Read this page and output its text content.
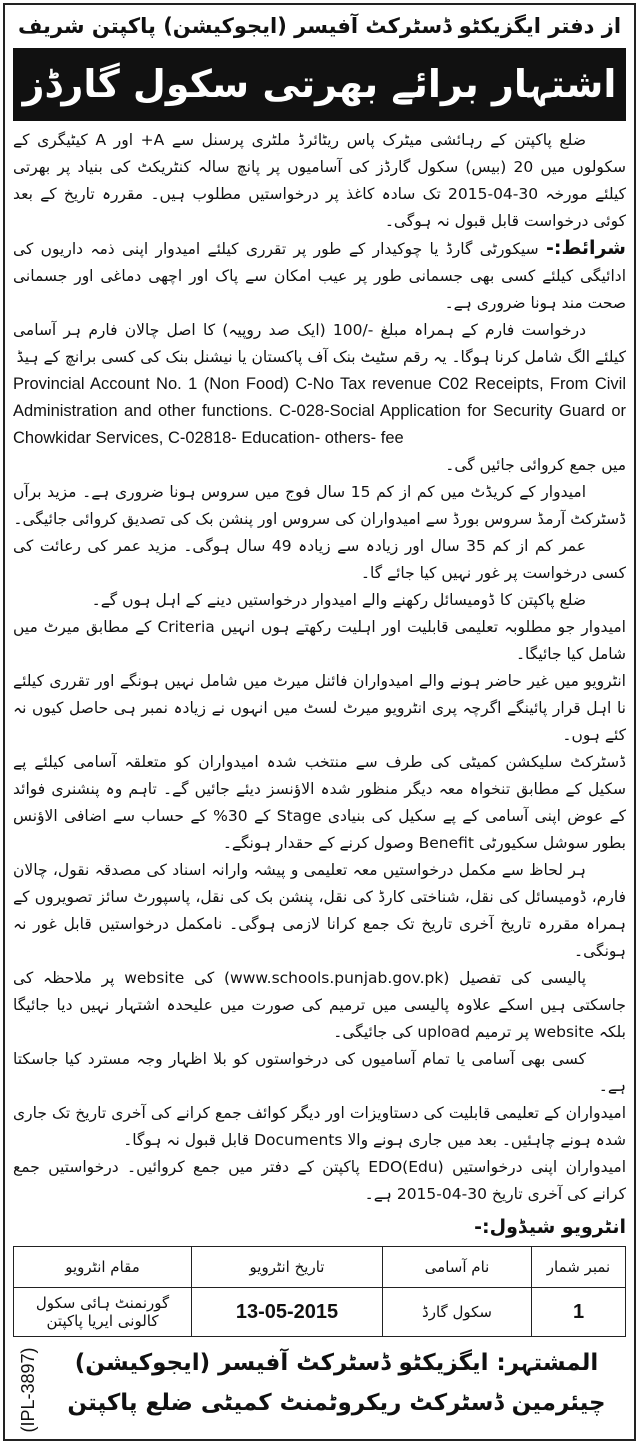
از دفتر ایگزیکٹو ڈسٹرکٹ آفیسر (ایجوکیشن) پاکپتن شریف
اشتہار برائے بھرتی سکول گارڈز

ضلع پاکپتن کے رہائشی میٹرک پاس ریٹائرڈ ملٹری پرسنل سے A+ اور A کیٹیگری کے سکولوں میں 20 (بیس) سکول گارڈز کی آسامیوں پر پانچ سالہ کنٹریکٹ کی بنیاد پر بھرتی کیلئے مورخہ 30-04-2015 تک سادہ کاغذ پر درخواستیں مطلوب ہیں۔ مقررہ تاریخ کے بعد کوئی درخواست قابل قبول نہ ہوگی۔

شرائط:- سیکورٹی گارڈ یا چوکیدار کے طور پر تقرری کیلئے امیدوار اپنی ذمہ داریوں کی ادائیگی کیلئے کسی بھی جسمانی طور پر عیب امکان سے پاک اور اچھی دماغی اور جسمانی صحت مند ہونا ضروری ہے۔

درخواست فارم کے ہمراہ مبلغ -/100 (ایک صد روپیہ) کا اصل چالان فارم ہر آسامی کیلئے الگ شامل کرنا ہوگا۔ یہ رقم سٹیٹ بنک آف پاکستان یا نیشنل بنک کی کسی برانچ کے ہیڈ

Provincial Account No. 1 (Non Food) C-No Tax revenue C02 Receipts, From Civil Administration and other functions. C-028-Social Application for Security Guard or Chowkidar Services, C-02818- Education- others- fee

میں جمع کروائی جائیں گی۔

امیدوار کے کریڈٹ میں کم از کم 15 سال فوج میں سروس ہونا ضروری ہے۔ مزید برآں ڈسٹرکٹ آرمڈ سروس بورڈ سے امیدواران کی سروس اور پنشن بک کی تصدیق کروائی جائیگی۔

عمر کم از کم 35 سال اور زیادہ سے زیادہ 49 سال ہوگی۔ مزید عمر کی رعائت کی کسی درخواست پر غور نہیں کیا جائے گا۔

ضلع پاکپتن کا ڈومیسائل رکھنے والے امیدوار درخواستیں دینے کے اہل ہوں گے۔

امیدوار جو مطلوبہ تعلیمی قابلیت اور اہلیت رکھتے ہوں انہیں Criteria کے مطابق میرٹ میں شامل کیا جائیگا۔

انٹرویو میں غیر حاضر ہونے والے امیدواران فائنل میرٹ میں شامل نہیں ہونگے اور تقرری کیلئے نا اہل قرار پائینگے اگرچہ پری انٹرویو میرٹ لسٹ میں انہوں نے زیادہ نمبر ہی حاصل کیوں نہ کئے ہوں۔

ڈسٹرکٹ سلیکشن کمیٹی کی طرف سے منتخب شدہ امیدواران کو متعلقہ آسامی کیلئے پے سکیل کے مطابق تنخواہ معہ دیگر منظور شدہ الاؤنسز دیئے جائیں گے۔ تاہم وہ پنشنری فوائد کے عوض اپنی آسامی کے پے سکیل کی بنیادی Stage کے 30% کے حساب سے اضافی الاؤنس بطور سوشل سکیورٹی Benefit وصول کرنے کے حقدار ہونگے۔

ہر لحاظ سے مکمل درخواستیں معہ تعلیمی و پیشہ وارانہ اسناد کی مصدقہ نقول، چالان فارم، ڈومیسائل کی نقل، شناختی کارڈ کی نقل، پنشن بک کی نقل، پاسپورٹ سائز تصویروں کے ہمراہ مقررہ تاریخ آخری تاریخ تک جمع کرانا لازمی ہوگی۔ نامکمل درخواستیں قابل غور نہ ہونگی۔

پالیسی کی تفصیل (www.schools.punjab.gov.pk) کی website پر ملاحظہ کی جاسکتی ہیں اسکے علاوہ پالیسی میں ترمیم کی صورت میں علیحدہ اشتہار نہیں دیا جائیگا بلکہ website پر ترمیم upload کی جائیگی۔

کسی بھی آسامی یا تمام آسامیوں کی درخواستوں کو بلا اظہار وجہ مسترد کیا جاسکتا ہے۔

امیدواران کے تعلیمی قابلیت کی دستاویزات اور دیگر کوائف جمع کرانے کی آخری تاریخ تک جاری شدہ ہونے چاہئیں۔ بعد میں جاری ہونے والا Documents قابل قبول نہ ہوگا۔

امیدواران اپنی درخواستیں EDO(Edu) پاکپتن کے دفتر میں جمع کروائیں۔ درخواستیں جمع کرانے کی آخری تاریخ 30-04-2015 ہے۔

انٹرویو شیڈول:-
نمبر شمار	نام آسامی	تاریخ انٹرویو	مقام انٹرویو
1	سکول گارڈ	13-05-2015	گورنمنٹ ہائی سکول کالونی ایریا پاکپتن
(IPL-3897)	المشتہر: ایگزیکٹو ڈسٹرکٹ آفیسر (ایجوکیشن)
چیئرمین ڈسٹرکٹ ریکروٹمنٹ کمیٹی ضلع پاکپتن
